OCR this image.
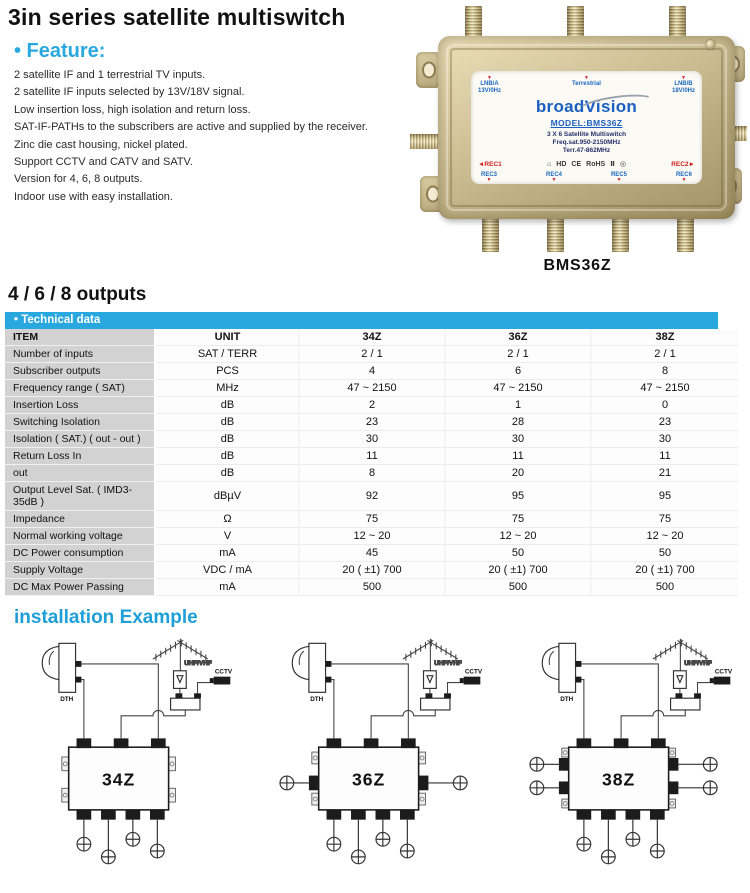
3in series satellite multiswitch
• Feature:
2 satellite IF and 1 terrestrial TV inputs.
2 satellite IF inputs selected by 13V/18V signal.
Low insertion loss, high isolation and return loss.
SAT-IF-PATHs to the subscribers are active and supplied by the receiver.
Zinc die cast housing, nickel plated.
Support CCTV and CATV and SATV.
Version for 4, 6, 8 outputs.
Indoor use with easy installation.
▼
LNB/A
13V/0Hz
▼
Terrestrial
▼
LNB/B
18V/0Hz
broadVision
MODEL:BMS36Z
3 X 6 Satellite Multiswitch
Freq.sat.950-2150MHz
Terr.47-862MHz
◄REC1	⌂ HD CE RoHS Ⅱ ◎	REC2►
REC3
▼
REC4
▼
REC5
▼
REC6
▼
BMS36Z
4 / 6 / 8 outputs
• Technical data
ITEM	UNIT	34Z	36Z	38Z
Number of inputs	SAT / TERR	2 / 1	2 / 1	2 / 1
Subscriber outputs	PCS	4	6	8
Frequency range ( SAT)	MHz	47 ~ 2150	47 ~ 2150	47 ~ 2150
Insertion Loss	dB	2	1	0
Switching Isolation	dB	23	28	23
Isolation ( SAT.) ( out - out )	dB	30	30	30
Return Loss In	dB	11	11	11
out	dB	8	20	21
Output Level Sat. ( IMD3-35dB )	dBµV	92	95	95
Impedance	Ω	75	75	75
Normal working voltage	V	12 ~ 20	12 ~ 20	12 ~ 20
DC Power consumption	mA	45	50	50
Supply Voltage	VDC / mA	20 ( ±1) 700	20 ( ±1) 700	20 ( ±1) 700
DC Max Power Passing	mA	500	500	500
installation Example
DTH
UHF/VHF
CCTV
34Z
DTH
UHF/VHF
CCTV
36Z
DTH
UHF/VHF
CCTV
38Z
